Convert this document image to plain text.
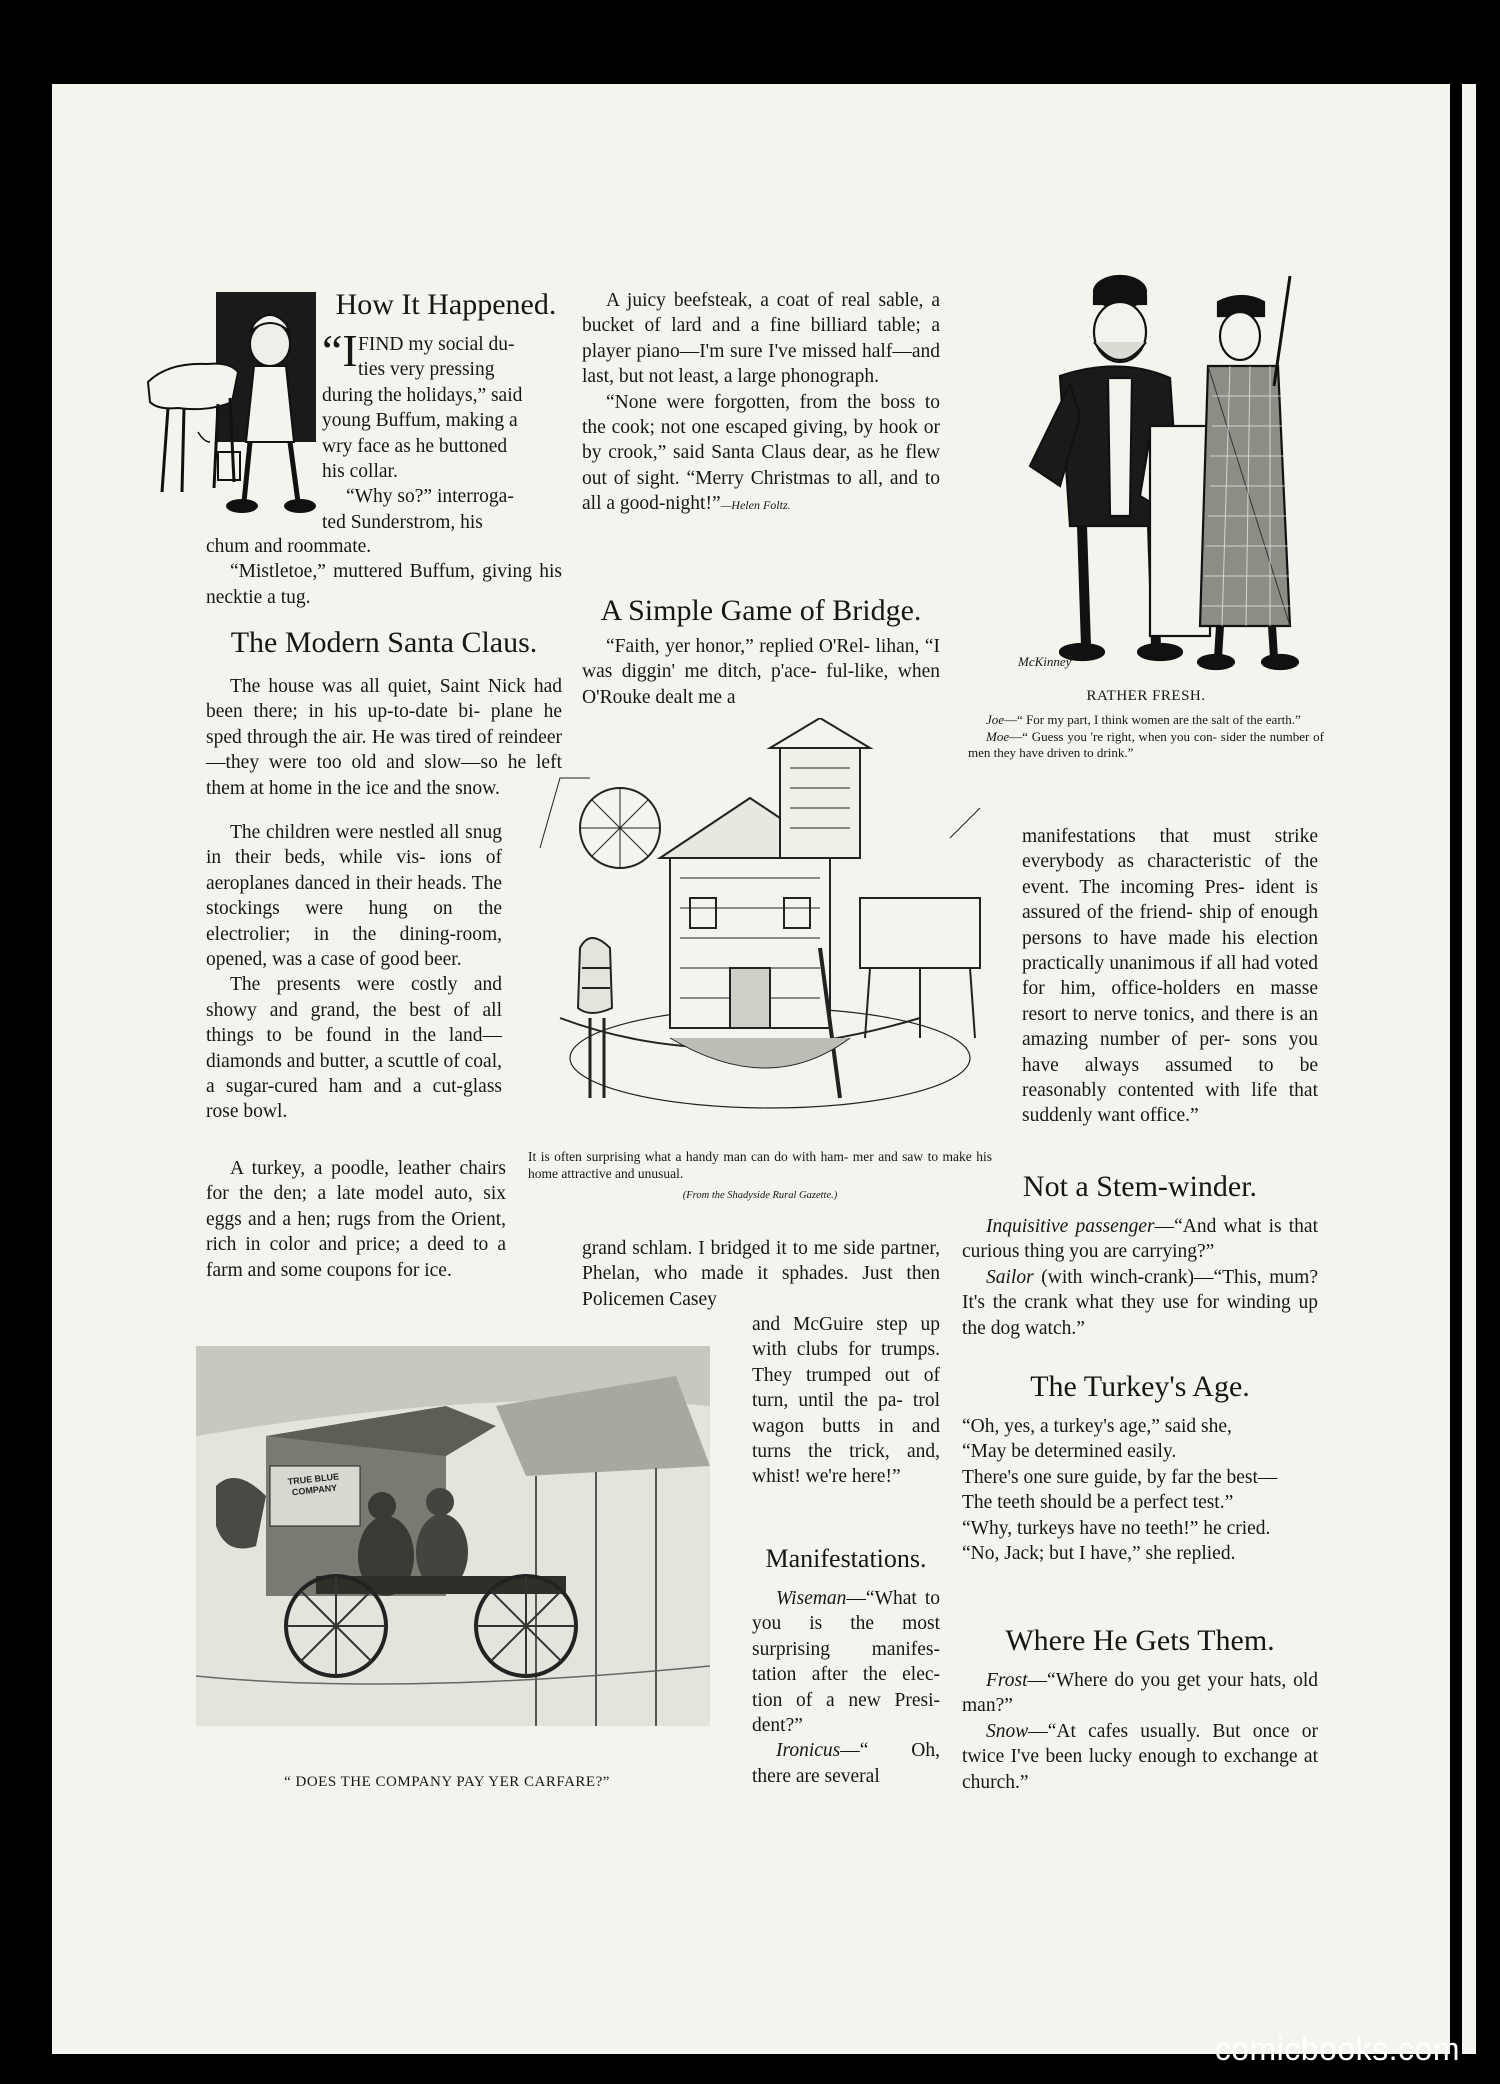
How It Happened.

“I FIND my social du-

ties very pressing

during the holidays,” said

young Buffum, making a

wry face as he buttoned

his collar.

“Why so?” interroga-

ted Sunderstrom, his

chum and roommate.

“Mistletoe,” muttered Buffum, giving his necktie a tug.

The Modern Santa Claus.

The house was all quiet, Saint Nick had been there; in his up-to-date bi- plane he sped through the air. He was tired of reindeer—they were too old and slow—so he left them at home in the ice and the snow.

The children were nestled all snug in their beds, while vis- ions of aeroplanes danced in their heads. The stockings were hung on the electrolier; in the dining-room, opened, was a case of good beer.

The presents were costly and showy and grand, the best of all things to be found in the land—diamonds and butter, a scuttle of coal, a sugar-cured ham and a cut-glass rose bowl.

A turkey, a poodle, leather chairs for the den; a late model auto, six eggs and a hen; rugs from the Orient, rich in color and price; a deed to a farm and some coupons for ice.

A juicy beefsteak, a coat of real sable, a bucket of lard and a fine billiard table; a player piano—I'm sure I've missed half—and last, but not least, a large phonograph.

“None were forgotten, from the boss to the cook; not one escaped giving, by hook or by crook,” said Santa Claus dear, as he flew out of sight. “Merry Christmas to all, and to all a good-night!”—Helen Foltz.

A Simple Game of Bridge.

“Faith, yer honor,” replied O'Rel- lihan, “I was diggin' me ditch, p'ace- ful-like, when O'Rouke dealt me a

It is often surprising what a handy man can do with ham- mer and saw to make his home attractive and unusual.
(From the Shadyside Rural Gazette.)

grand schlam. I bridged it to me side partner, Phelan, who made it sphades. Just then Policemen Casey

and McGuire step up with clubs for trumps. They trumped out of turn, until the pa- trol wagon butts in and turns the trick, and, whist! we're here!”

Manifestations.

Wiseman—“What to you is the most surprising manifes- tation after the elec- tion of a new Presi- dent?”

Ironicus—“ Oh, there are several

TRUE BLUE COMPANY
“ DOES THE COMPANY PAY YER CARFARE?”
McKinney
RATHER FRESH.
Joe—“ For my part, I think women are the salt of the earth.”
Moe—“ Guess you 're right, when you con- sider the number of men they have driven to drink.”

manifestations that must strike everybody as characteristic of the event. The incoming Pres- ident is assured of the friend- ship of enough persons to have made his election practically unanimous if all had voted for him, office-holders en masse resort to nerve tonics, and there is an amazing number of per- sons you have always assumed to be reasonably contented with life that suddenly want office.”

Not a Stem-winder.

Inquisitive passenger—“And what is that curious thing you are carrying?”

Sailor (with winch-crank)—“This, mum? It's the crank what they use for winding up the dog watch.”

The Turkey's Age.

“Oh, yes, a turkey's age,” said she,

“May be determined easily.

There's one sure guide, by far the best—

The teeth should be a perfect test.”

“Why, turkeys have no teeth!” he cried.

“No, Jack; but I have,” she replied.

Where He Gets Them.

Frost—“Where do you get your hats, old man?”

Snow—“At cafes usually. But once or twice I've been lucky enough to exchange at church.”

comicbooks.com
